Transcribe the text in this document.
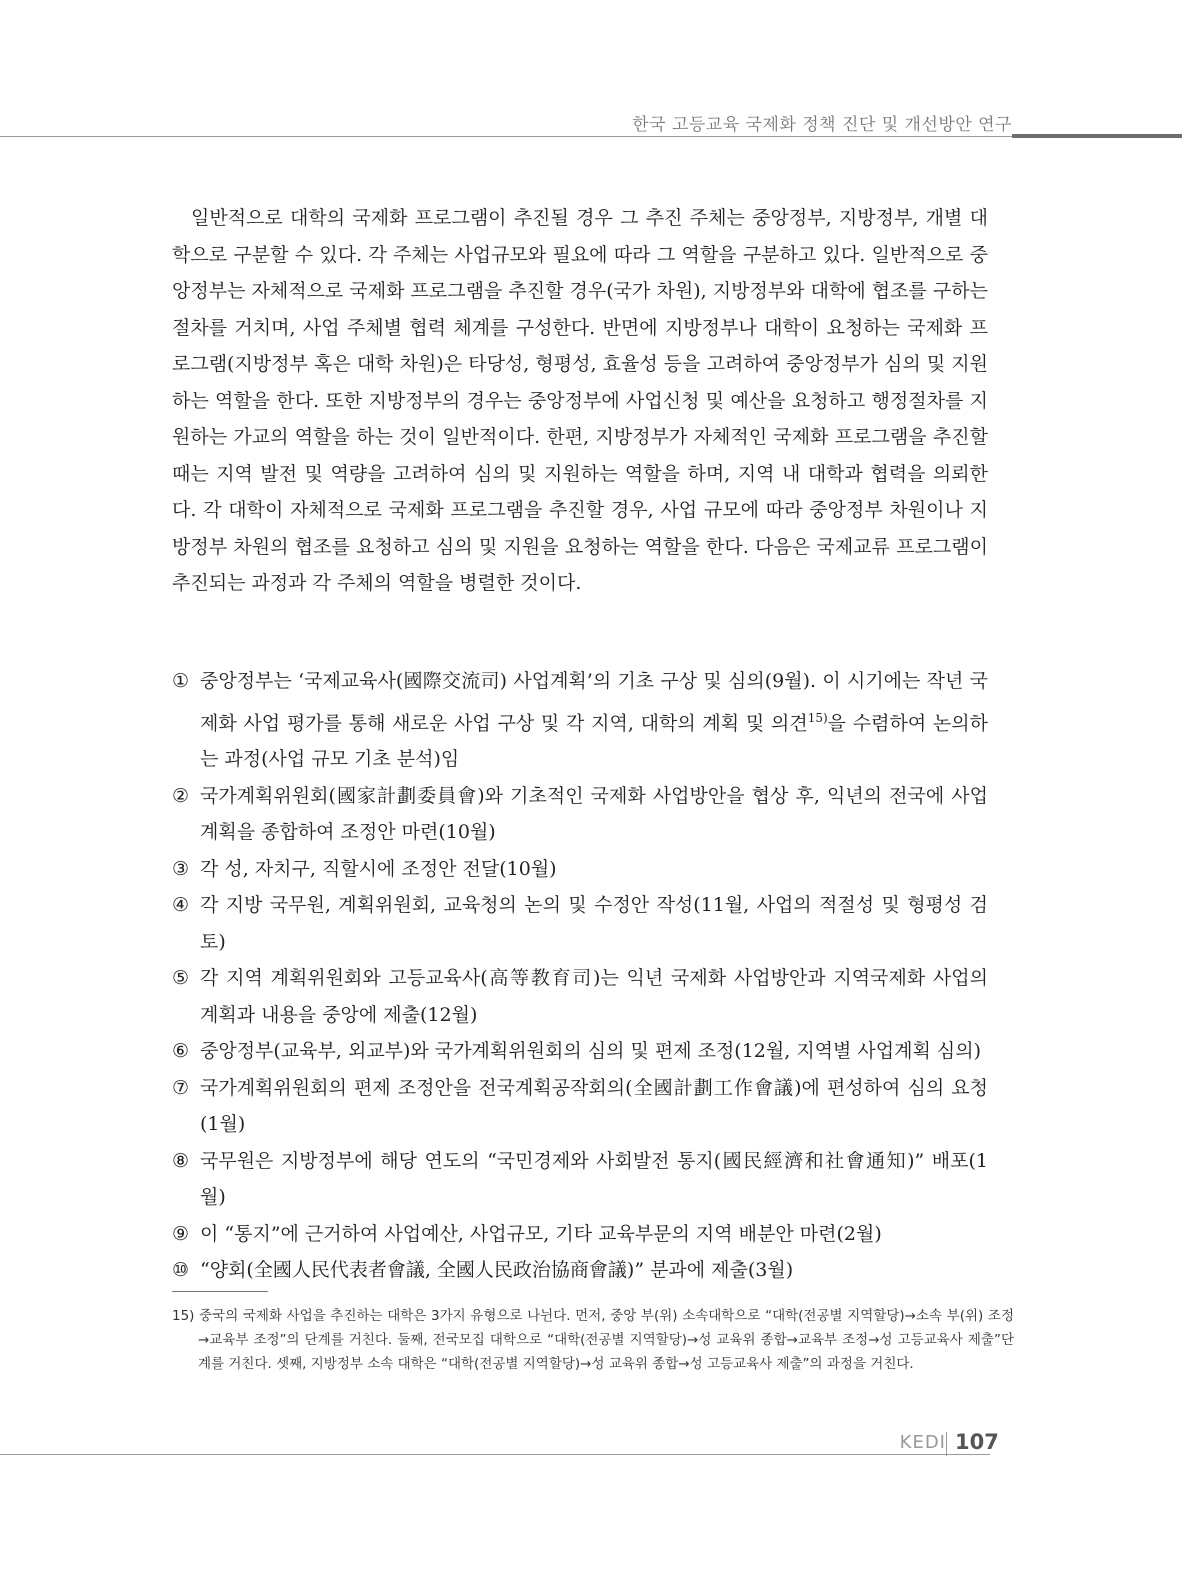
한국 고등교육 국제화 정책 진단 및 개선방안 연구

일반적으로 대학의 국제화 프로그램이 추진될 경우 그 추진 주체는 중앙정부, 지방정부, 개별 대학으로 구분할 수 있다. 각 주체는 사업규모와 필요에 따라 그 역할을 구분하고 있다. 일반적으로 중앙정부는 자체적으로 국제화 프로그램을 추진할 경우(국가 차원), 지방정부와 대학에 협조를 구하는 절차를 거치며, 사업 주체별 협력 체계를 구성한다. 반면에 지방정부나 대학이 요청하는 국제화 프로그램(지방정부 혹은 대학 차원)은 타당성, 형평성, 효율성 등을 고려하여 중앙정부가 심의 및 지원하는 역할을 한다. 또한 지방정부의 경우는 중앙정부에 사업신청 및 예산을 요청하고 행정절차를 지원하는 가교의 역할을 하는 것이 일반적이다. 한편, 지방정부가 자체적인 국제화 프로그램을 추진할 때는 지역 발전 및 역량을 고려하여 심의 및 지원하는 역할을 하며, 지역 내 대학과 협력을 의뢰한다. 각 대학이 자체적으로 국제화 프로그램을 추진할 경우, 사업 규모에 따라 중앙정부 차원이나 지방정부 차원의 협조를 요청하고 심의 및 지원을 요청하는 역할을 한다. 다음은 국제교류 프로그램이 추진되는 과정과 각 주체의 역할을 병렬한 것이다.

① 중앙정부는 ‘국제교육사(國際交流司) 사업계획’의 기초 구상 및 심의(9월). 이 시기에는 작년 국제화 사업 평가를 통해 새로운 사업 구상 및 각 지역, 대학의 계획 및 의견$^{15)}$을 수렴하여 논의하는 과정(사업 규모 기초 분석)임
② 국가계획위원회(國家計劃委員會)와 기초적인 국제화 사업방안을 협상 후, 익년의 전국에 사업계획을 종합하여 조정안 마련(10월)
③ 각 성, 자치구, 직할시에 조정안 전달(10월)
④ 각 지방 국무원, 계획위원회, 교육청의 논의 및 수정안 작성(11월, 사업의 적절성 및 형평성 검토)
⑤ 각 지역 계획위원회와 고등교육사(高等教育司)는 익년 국제화 사업방안과 지역국제화 사업의 계획과 내용을 중앙에 제출(12월)
⑥ 중앙정부(교육부, 외교부)와 국가계획위원회의 심의 및 편제 조정(12월, 지역별 사업계획 심의)
⑦ 국가계획위원회의 편제 조정안을 전국계획공작회의(全國計劃工作會議)에 편성하여 심의 요청(1월)
⑧ 국무원은 지방정부에 해당 연도의 “국민경제와 사회발전 통지(國民經濟和社會通知)” 배포(1월)
⑨ 이 “통지”에 근거하여 사업예산, 사업규모, 기타 교육부문의 지역 배분안 마련(2월)
⑩ “양회(全國人民代表者會議, 全國人民政治協商會議)” 분과에 제출(3월)

15) 중국의 국제화 사업을 추진하는 대학은 3가지 유형으로 나뉜다. 먼저, 중앙 부(위) 소속대학으로 “대학(전공별 지역할당)→소속 부(위) 조정→교육부 조정”의 단계를 거친다. 둘째, 전국모집 대학으로 “대학(전공별 지역할당)→성 교육위 종합→교육부 조정→성 고등교육사 제출”단계를 거친다. 셋째, 지방정부 소속 대학은 “대학(전공별 지역할당)→성 교육위 종합→성 고등교육사 제출”의 과정을 거친다.

KEDI 107
